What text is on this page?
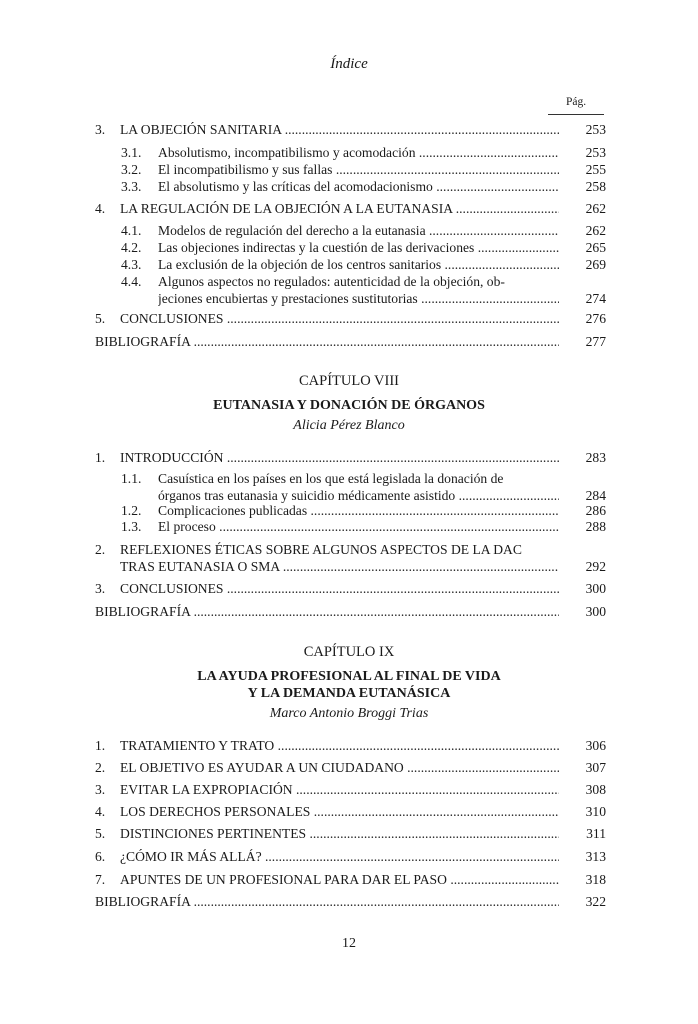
Índice
Pág.
3. LA OBJECIÓN SANITARIA .....	253
3.1. Absolutismo, incompatibilismo y acomodación .....	253
3.2. El incompatibilismo y sus fallas .....	255
3.3. El absolutismo y las críticas del acomodacionismo .....	258
4. LA REGULACIÓN DE LA OBJECIÓN A LA EUTANASIA .....	262
4.1. Modelos de regulación del derecho a la eutanasia .....	262
4.2. Las objeciones indirectas y la cuestión de las derivaciones .....	265
4.3. La exclusión de la objeción de los centros sanitarios .....	269
4.4. Algunos aspectos no regulados: autenticidad de la objeción, ob-
jeciones encubiertas y prestaciones sustitutorias .....	274
5. CONCLUSIONES .....	276
BIBLIOGRAFÍA .....	277
CAPÍTULO VIII
EUTANASIA Y DONACIÓN DE ÓRGANOS
Alicia Pérez Blanco
1. INTRODUCCIÓN .....	283
1.1. Casuística en los países en los que está legislada la donación de
órganos tras eutanasia y suicidio médicamente asistido .....	284
1.2. Complicaciones publicadas .....	286
1.3. El proceso .....	288
2. REFLEXIONES ÉTICAS SOBRE ALGUNOS ASPECTOS DE LA DAC
TRAS EUTANASIA O SMA .....	292
3. CONCLUSIONES .....	300
BIBLIOGRAFÍA .....	300
CAPÍTULO IX
LA AYUDA PROFESIONAL AL FINAL DE VIDA
Y LA DEMANDA EUTANÁSICA
Marco Antonio Broggi Trias
1. TRATAMIENTO Y TRATO .....	306
2. EL OBJETIVO ES AYUDAR A UN CIUDADANO .....	307
3. EVITAR LA EXPROPIACIÓN .....	308
4. LOS DERECHOS PERSONALES .....	310
5. DISTINCIONES PERTINENTES .....	311
6. ¿CÓMO IR MÁS ALLÁ? .....	313
7. APUNTES DE UN PROFESIONAL PARA DAR EL PASO .....	318
BIBLIOGRAFÍA .....	322
12
